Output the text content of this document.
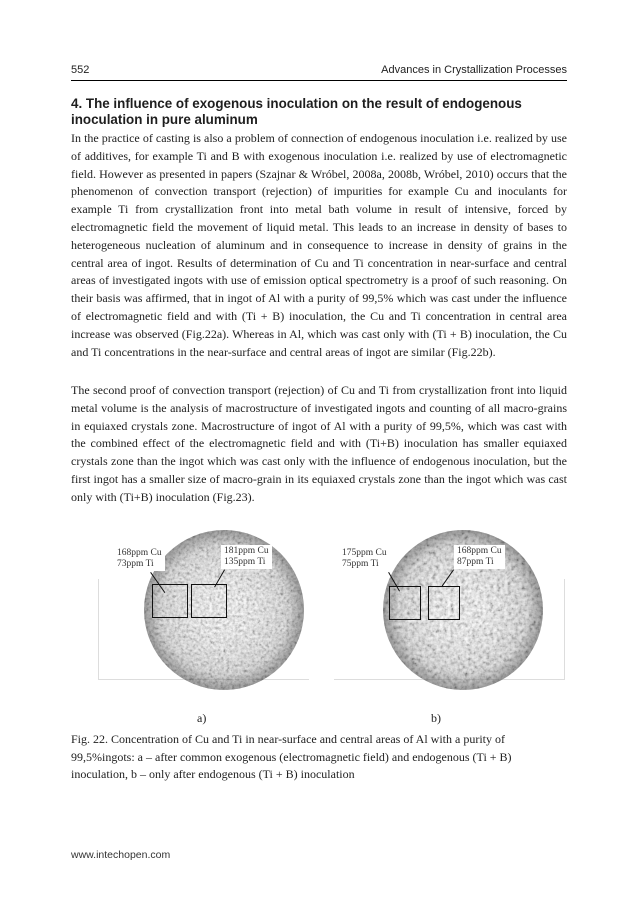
552	Advances in Crystallization Processes
4. The influence of exogenous inoculation on the result of endogenous inoculation in pure aluminum

In the practice of casting is also a problem of connection of endogenous inoculation i.e. realized by use of additives, for example Ti and B with exogenous inoculation i.e. realized by use of electromagnetic field. However as presented in papers (Szajnar & Wróbel, 2008a, 2008b, Wróbel, 2010) occurs that the phenomenon of convection transport (rejection) of impurities for example Cu and inoculants for example Ti from crystallization front into metal bath volume in result of intensive, forced by electromagnetic field the movement of liquid metal. This leads to an increase in density of bases to heterogeneous nucleation of aluminum and in consequence to increase in density of grains in the central area of ingot. Results of determination of Cu and Ti concentration in near-surface and central areas of investigated ingots with use of emission optical spectrometry is a proof of such reasoning. On their basis was affirmed, that in ingot of Al with a purity of 99,5% which was cast under the influence of electromagnetic field and with (Ti + B) inoculation, the Cu and Ti concentration in central area increase was observed (Fig.22a). Whereas in Al, which was cast only with (Ti + B) inoculation, the Cu and Ti concentrations in the near-surface and central areas of ingot are similar (Fig.22b).

The second proof of convection transport (rejection) of Cu and Ti from crystallization front into liquid metal volume is the analysis of macrostructure of investigated ingots and counting of all macro-grains in equiaxed crystals zone. Macrostructure of ingot of Al with a purity of 99,5%, which was cast with the combined effect of the electromagnetic field and with (Ti+B) inoculation has smaller equiaxed crystals zone than the ingot which was cast only with the influence of endogenous inoculation, but the first ingot has a smaller size of macro-grain in its equiaxed crystals zone than the ingot which was cast only with (Ti+B) inoculation (Fig.23).

168ppm Cu
73ppm Ti
181ppm Cu
135ppm Ti
175ppm Cu
75ppm Ti
168ppm Cu
87ppm Ti
a)	b)

Fig. 22. Concentration of Cu and Ti in near-surface and central areas of Al with a purity of 99,5%ingots: a – after common exogenous (electromagnetic field) and endogenous (Ti + B) inoculation, b – only after endogenous (Ti + B) inoculation

www.intechopen.com
